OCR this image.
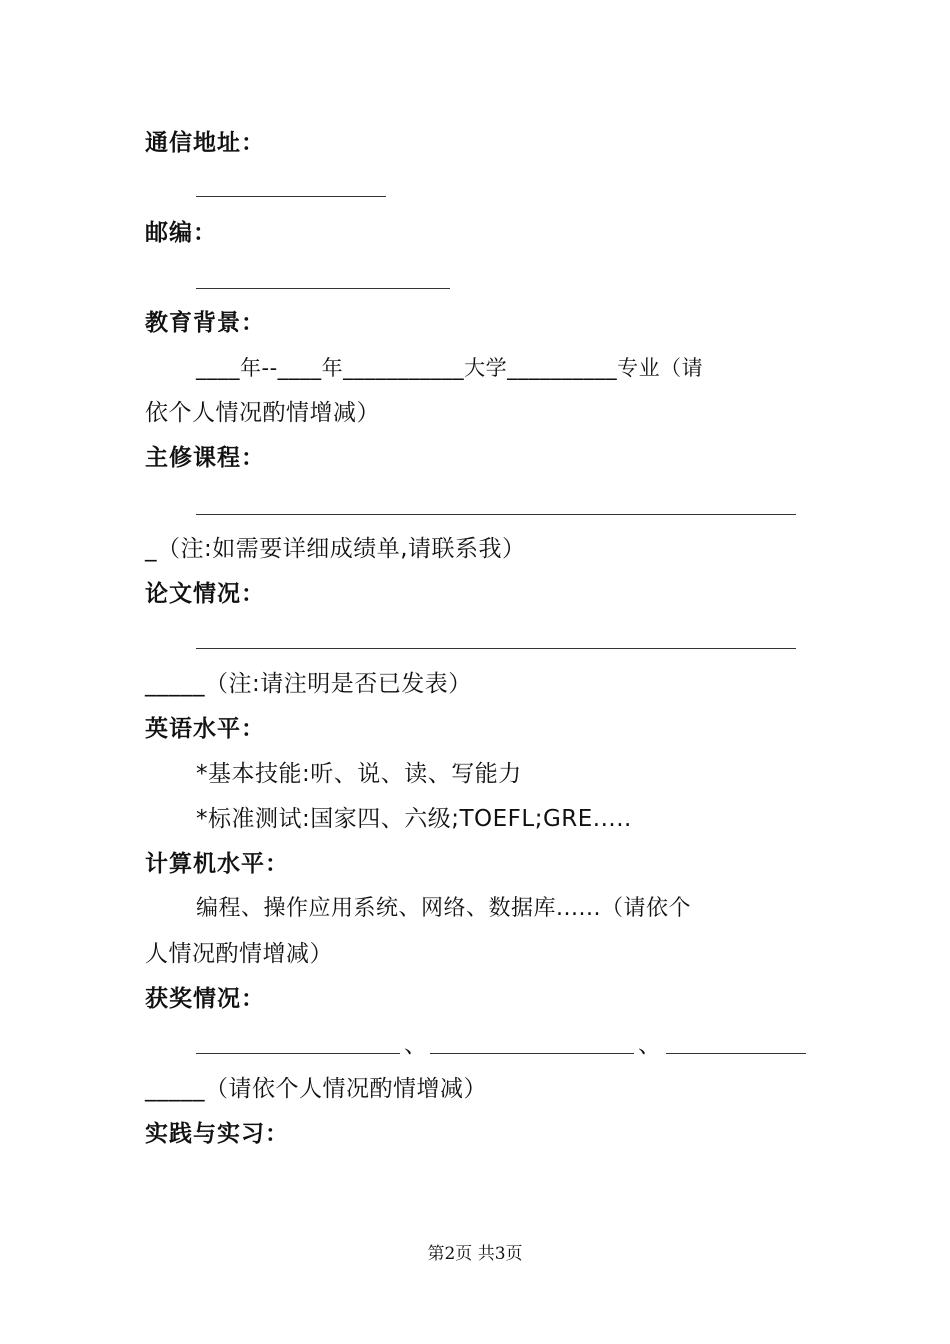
通信地址：
邮编：
教育背景：
____年--____年___________大学__________专业（请
依个人情况酌情增减）
主修课程：
_（注:如需要详细成绩单,请联系我）
论文情况：
_____（注:请注明是否已发表）
英语水平：
*基本技能:听、说、读、写能力
*标准测试:国家四、六级;TOEFL;GRE.....
计算机水平：
编程、操作应用系统、网络、数据库......（请依个
人情况酌情增减）
获奖情况：
、	、
_____（请依个人情况酌情增减）
实践与实习：
第2页 共3页
